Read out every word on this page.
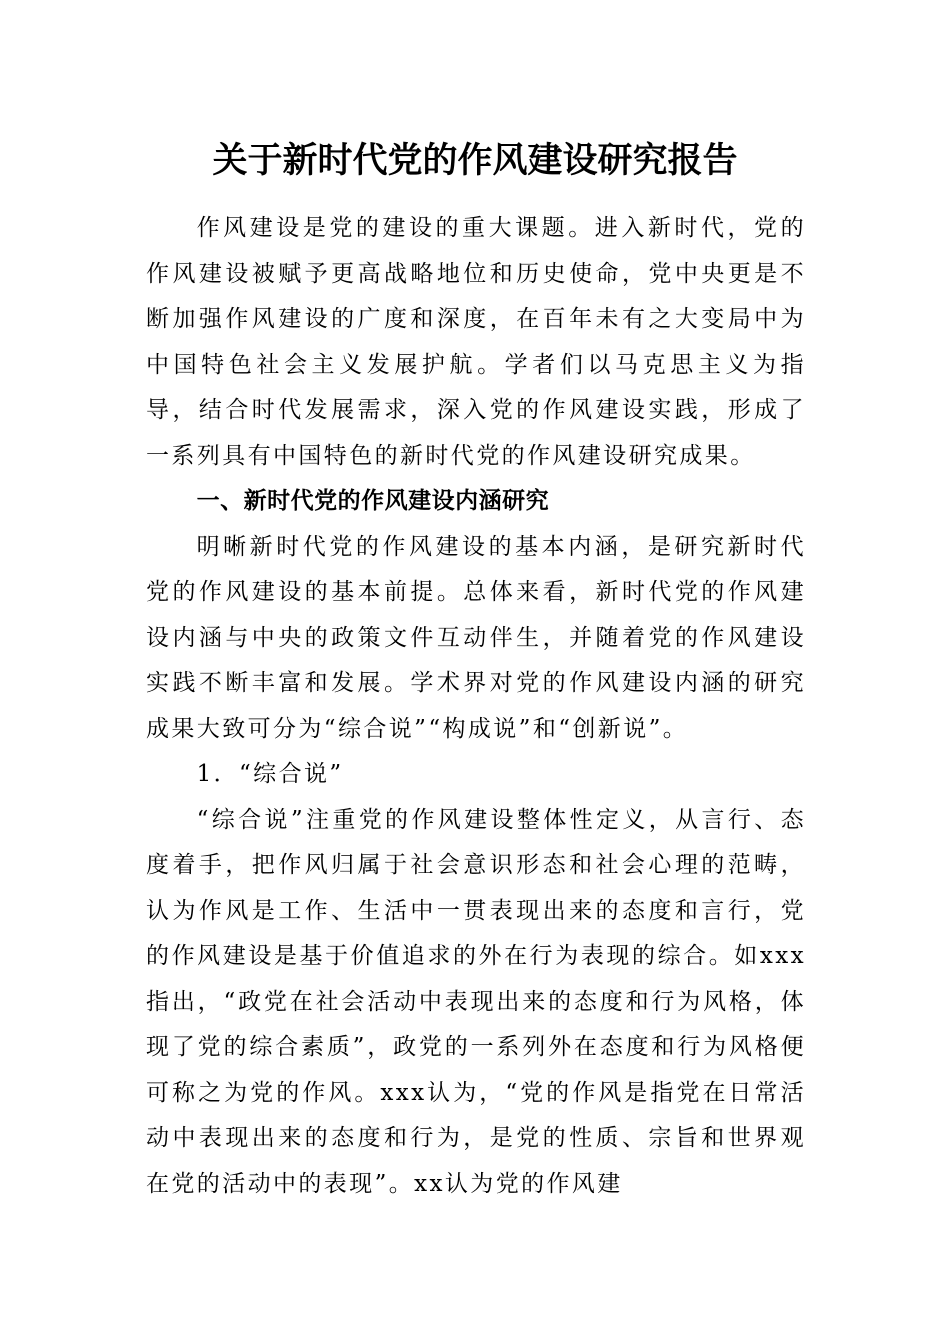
关于新时代党的作风建设研究报告

作风建设是党的建设的重大课题。进入新时代，党的作风建设被赋予更高战略地位和历史使命，党中央更是不断加强作风建设的广度和深度，在百年未有之大变局中为中国特色社会主义发展护航。学者们以马克思主义为指导，结合时代发展需求，深入党的作风建设实践，形成了一系列具有中国特色的新时代党的作风建设研究成果。

一、新时代党的作风建设内涵研究

明晰新时代党的作风建设的基本内涵，是研究新时代党的作风建设的基本前提。总体来看，新时代党的作风建设内涵与中央的政策文件互动伴生，并随着党的作风建设实践不断丰富和发展。学术界对党的作风建设内涵的研究成果大致可分为“综合说”“构成说”和“创新说”。

1．“综合说”

“综合说”注重党的作风建设整体性定义，从言行、态度着手，把作风归属于社会意识形态和社会心理的范畴，认为作风是工作、生活中一贯表现出来的态度和言行，党的作风建设是基于价值追求的外在行为表现的综合。如xxx指出，“政党在社会活动中表现出来的态度和行为风格，体现了党的综合素质”，政党的一系列外在态度和行为风格便可称之为党的作风。xxx认为，“党的作风是指党在日常活动中表现出来的态度和行为，是党的性质、宗旨和世界观在党的活动中的表现”。xx认为党的作风建
